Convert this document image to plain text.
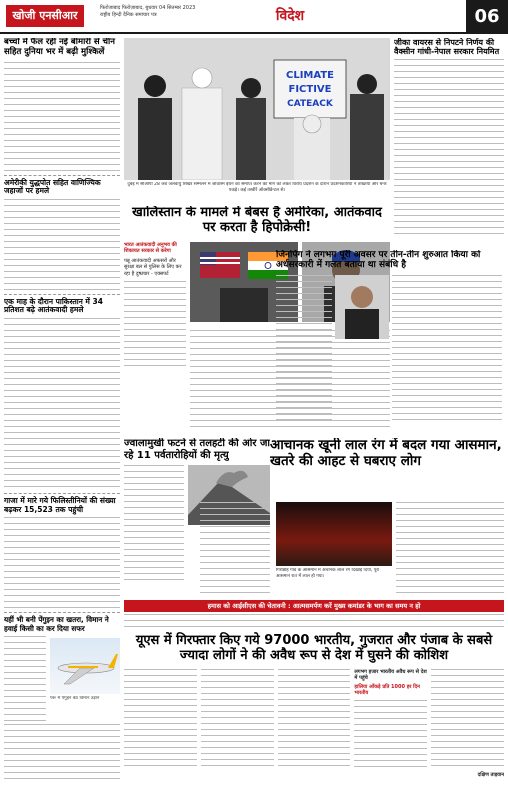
खोजी एनसीआर
फिरोजाबाद फिरोज़ाबाद, बुधवार 04 सितम्बर 2023
राष्ट्रीय हिन्दी दैनिक समाचार पत्र	विदेश	06
बच्चों में फैल रही नई बीमारी से चीन सहित दुनिया भर में बढ़ी मुश्किलें
अमेरीकी युद्धपोत सहित वाणिज्यिक जहाजों पर हमले
एक माह के दौरान पाकिस्तान में 34 प्रतिशत बढ़े आतंकवादी हमले
गाजा में मारे गये फिलिस्तीनियों की संख्या बढ़कर 15,523 तक पहुंची
यहीं भी बनी पेंगुइन का खतरा, विमान ने हवाई किसी का कर दिया सफर
पेरू में पेंगुइन बैठे विमान उड़ान
CLIMATE
FICTIVE
CATEACK
दुबई में सीओपी 28 जैव जलवायु शिखर सम्मेलन में जीवाश्म ईंधन को समाप्त करने की मांग को लेकर विरोध प्रदर्शन के दौरान प्रदर्शनकारियों ने तख्तियां और बैनर पकड़े। कई तस्वीरें ऑक्सीडेन्टल से।
खालिस्तान के मामले में बेबस है अमेरिका, आतंकवाद पर करता है हिपोक्रेसी!
भारत आतंकवादी अनुभव की शिकायत सरकार से करेगा
पन्नू आतंकवादी अफसरों और सुरक्षा बल से पुलिस के लिए कर रहा है दुष्प्रचार - एक्सपर्ट
ज्वालामुखी फटने से तलहटी की ओर जा रहे 11 पर्वतारोहियों की मृत्यु
जीका वायरस से निपटने निर्णय की वैक्सीन गांधी-नेपाल सरकार नियमित
जिनपिंग ने लगभग पूरी अवसर पर तीन-तीन शुरुआत किया को अर्धसरकारी में गलत बताया था संबंधि है
आचानक खूनी लाल रंग में बदल गया आसमान, खतरे की आहट से घबराए लोग
गिरीडीह गांव के आसमान में अचानक लाल रंग दिखाई दिया, पूरा आसमान रात में लाल हो गया।
हमास को आईसीएस की चेतावनी : आत्मसमर्पण करें मुख्य कमांडर के भाग का समय न हो
यूएस में गिरफ्तार किए गये 97000 भारतीय, गुजरात और पंजाब के सबसे ज्यादा लोगों ने की अवैध रूप से देश में घुसने की कोशिश
लगभग हजार भारतीय अवैध रूप से देश में पहुंचे
हालिया आँकड़े प्रति 1000 हर दिन भारतीय
दक्षिण ताइवान
